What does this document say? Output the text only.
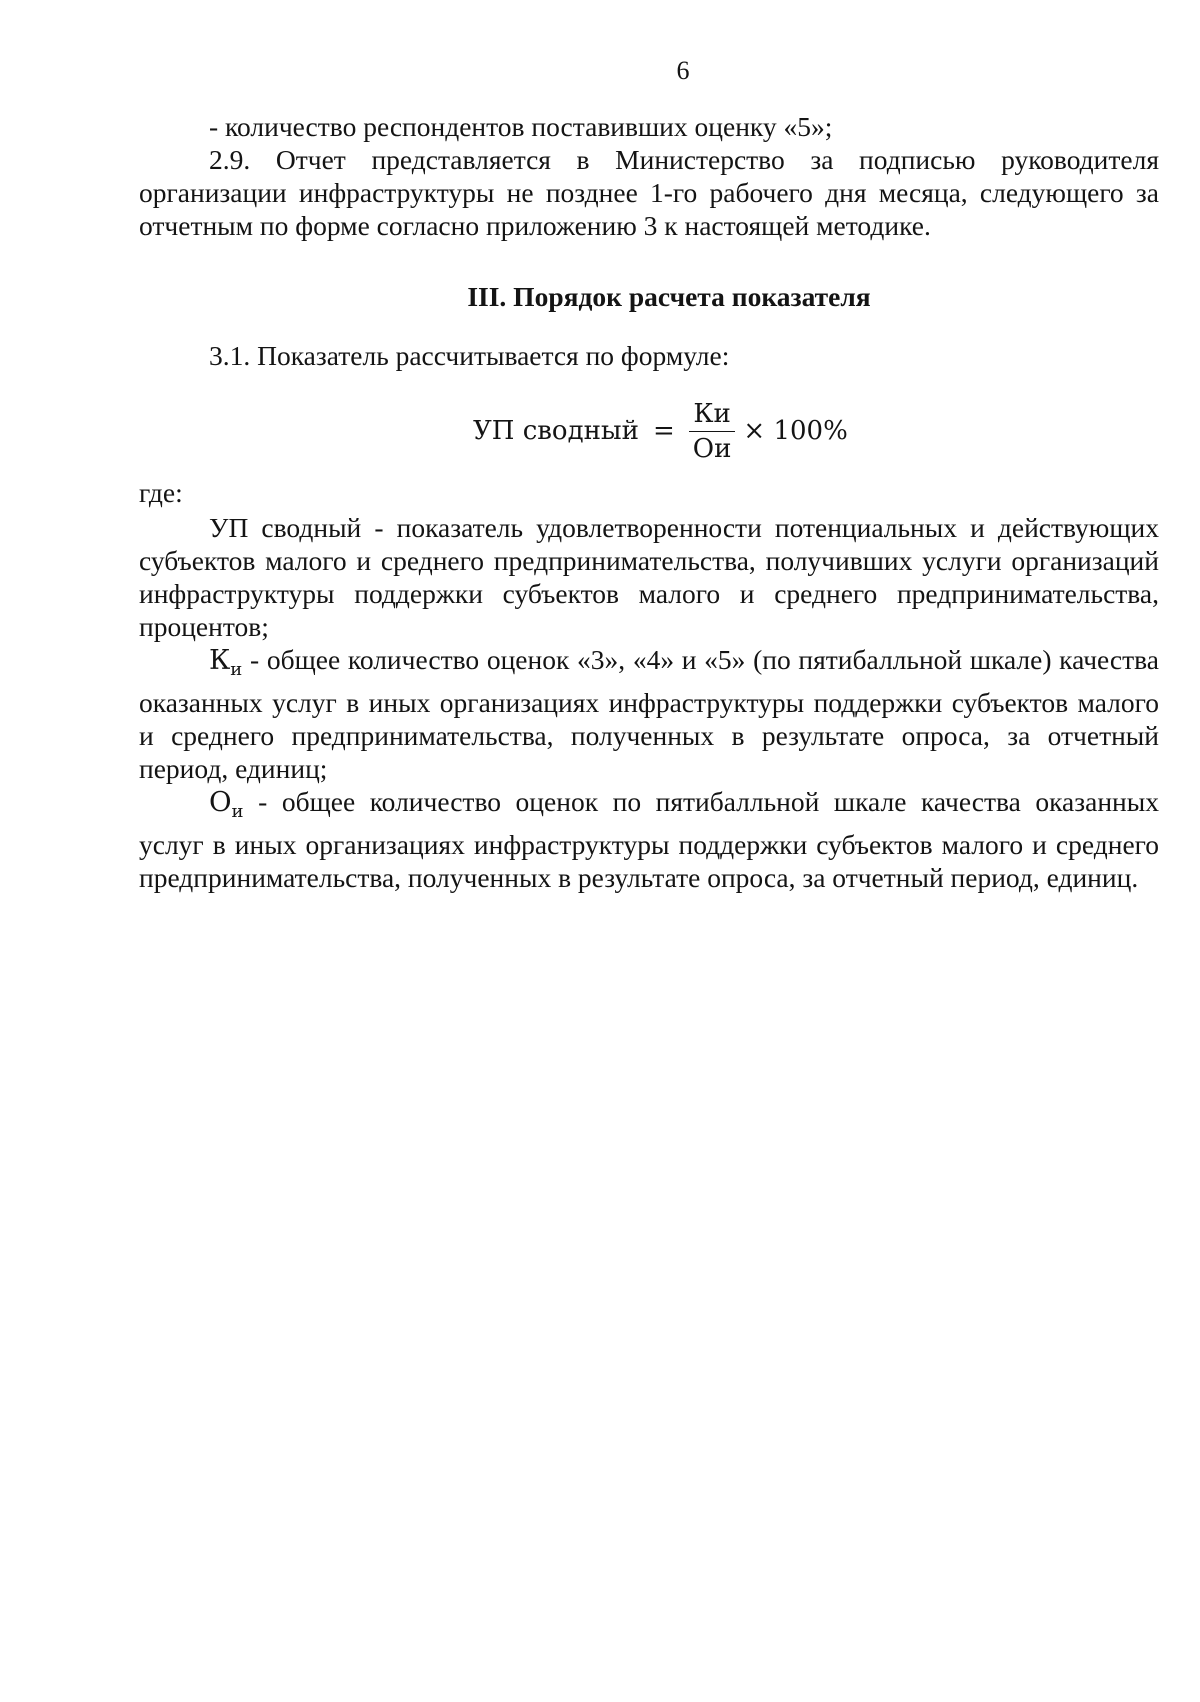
6

- количество респондентов поставивших оценку «5»;

2.9. Отчет представляется в Министерство за подписью руководителя организации инфраструктуры не позднее 1-го рабочего дня месяца, следующего за отчетным по форме согласно приложению 3 к настоящей методике.

III. Порядок расчета показателя

3.1. Показатель рассчитывается по формуле:

УП сводный = $\frac{Ки}{Ои} \times 100\%$

где:

УП сводный - показатель удовлетворенности потенциальных и действующих субъектов малого и среднего предпринимательства, получивших услуги организаций инфраструктуры поддержки субъектов малого и среднего предпринимательства, процентов;

$К_и$ - общее количество оценок «3», «4» и «5» (по пятибалльной шкале) качества оказанных услуг в иных организациях инфраструктуры поддержки субъектов малого и среднего предпринимательства, полученных в результате опроса, за отчетный период, единиц;

$О_и$ - общее количество оценок по пятибалльной шкале качества оказанных услуг в иных организациях инфраструктуры поддержки субъектов малого и среднего предпринимательства, полученных в результате опроса, за отчетный период, единиц.
